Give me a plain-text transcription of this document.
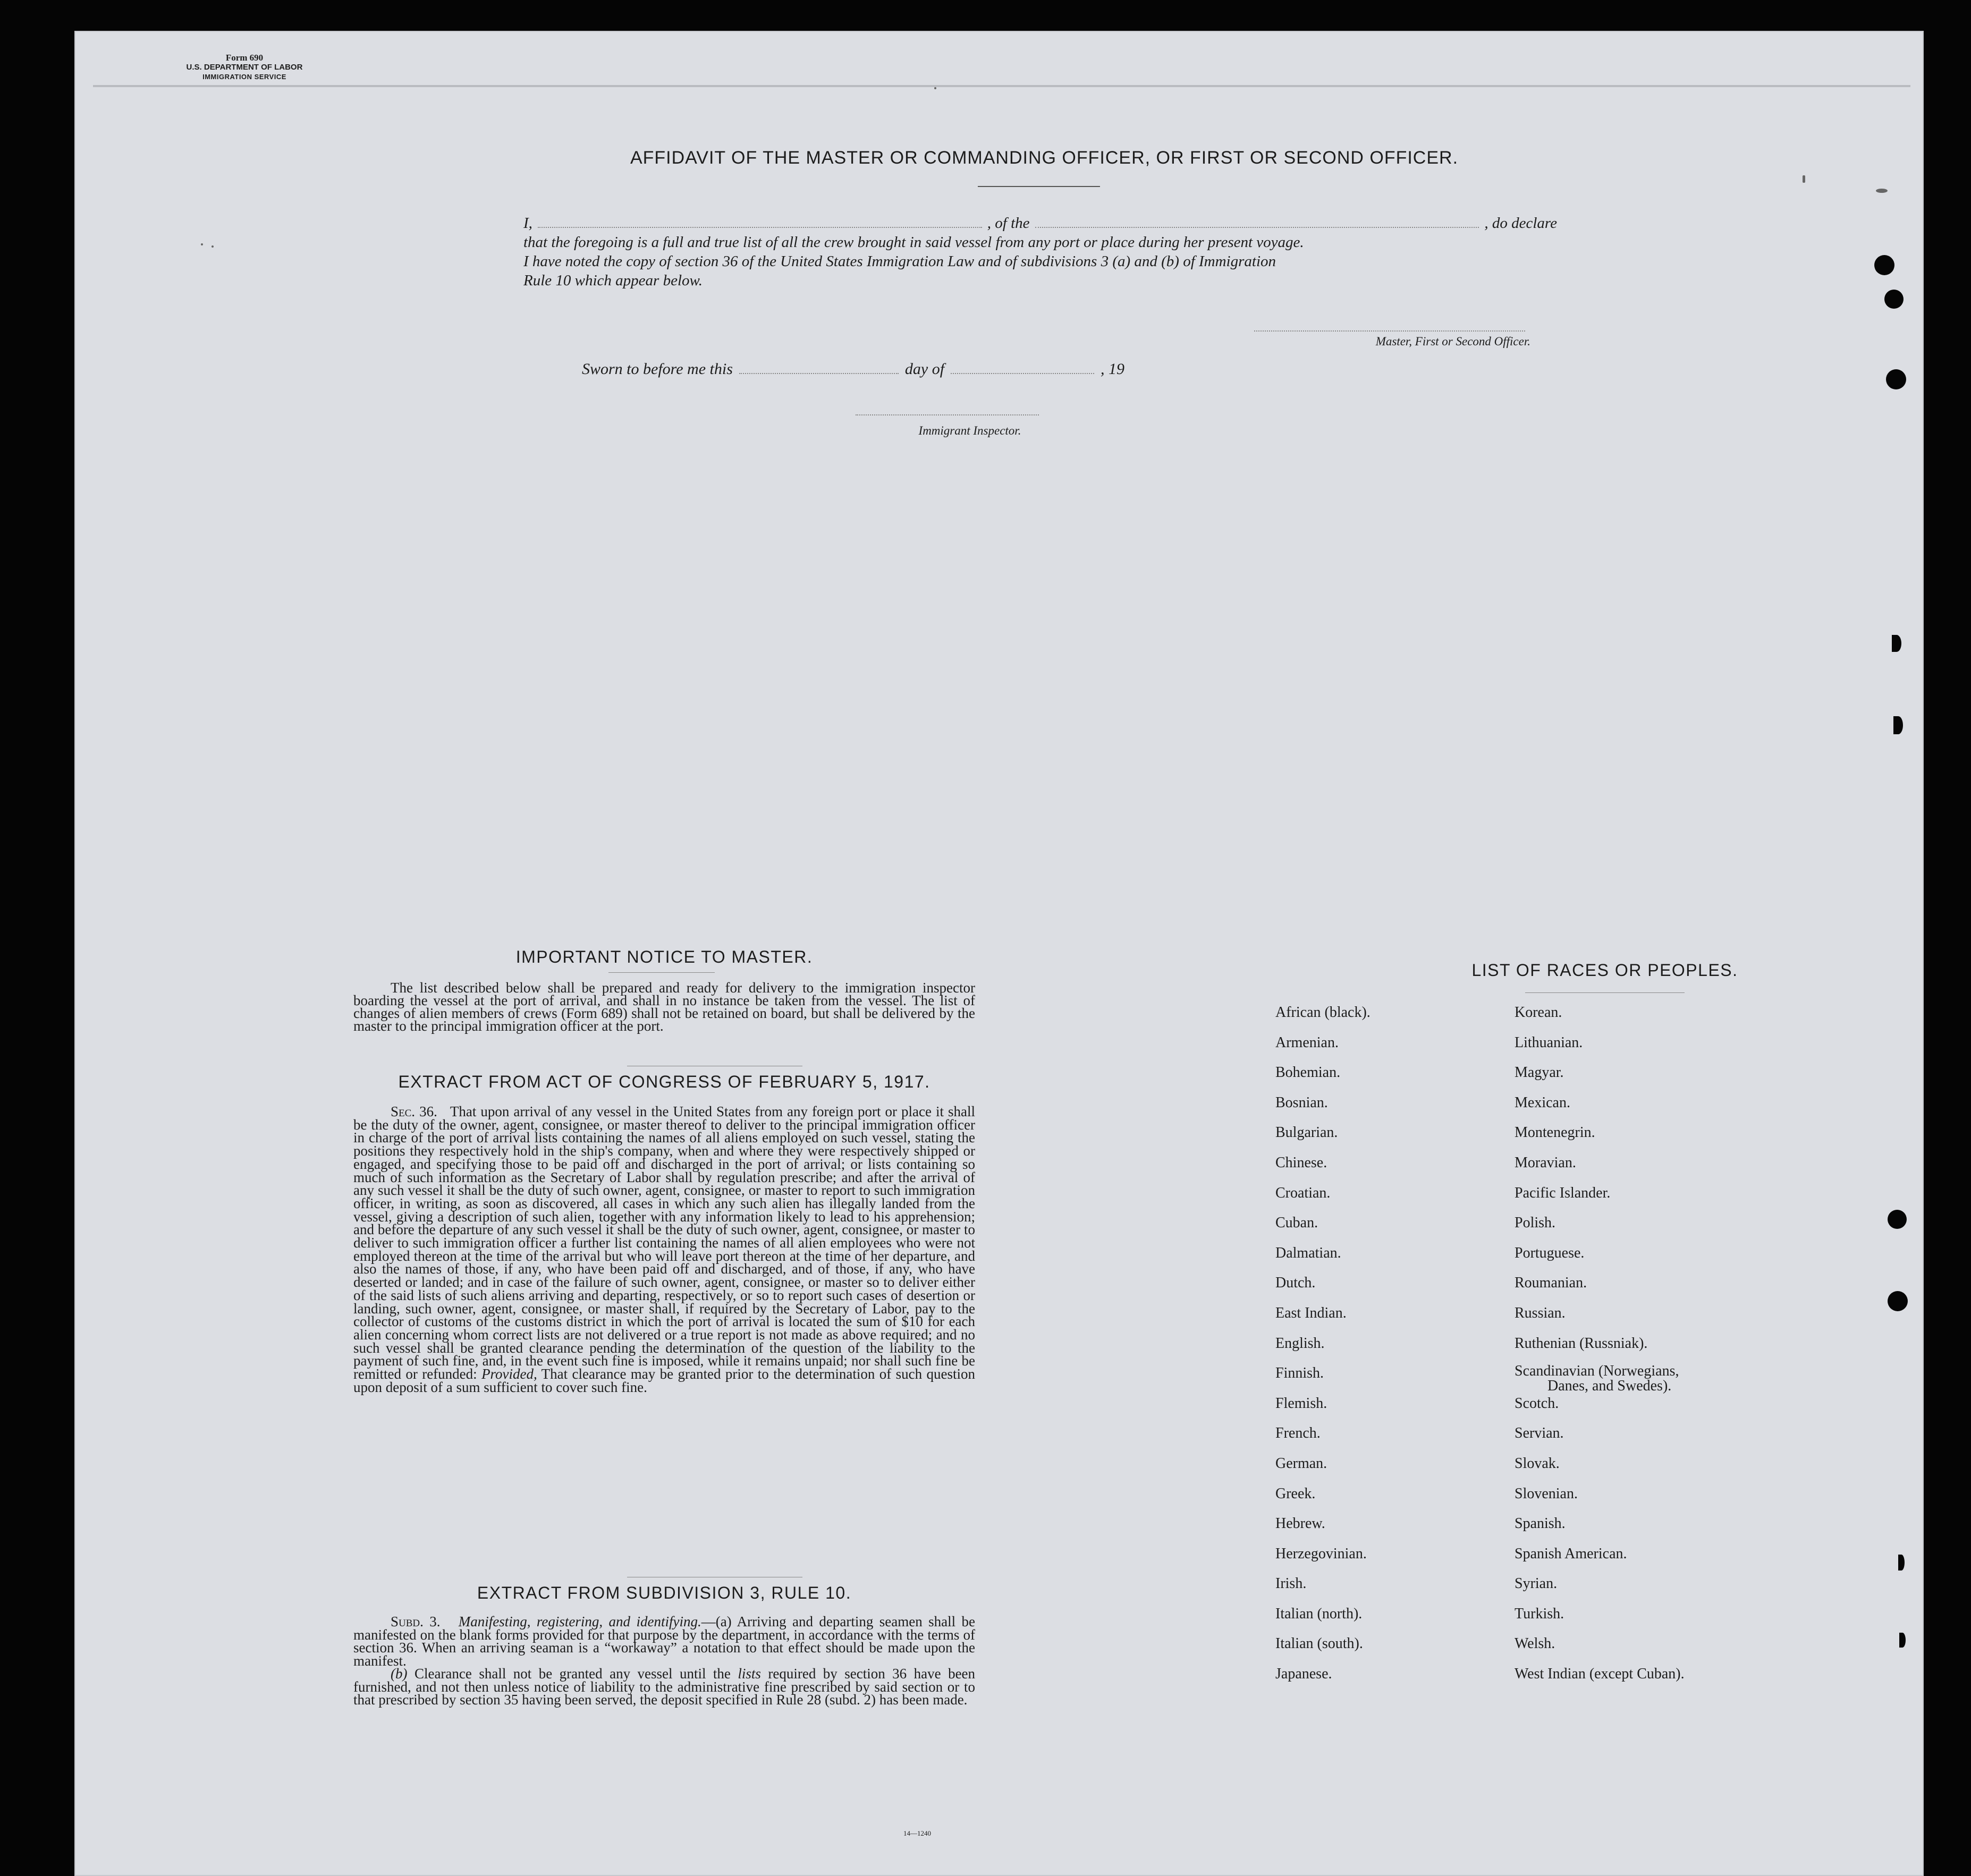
Form 690
U.S. DEPARTMENT OF LABOR
IMMIGRATION SERVICE
AFFIDAVIT OF THE MASTER OR COMMANDING OFFICER, OR FIRST OR SECOND OFFICER.
I,	, of the	, do declare
that the foregoing is a full and true list of all the crew brought in said vessel from any port or place during her present voyage.
I have noted the copy of section 36 of the United States Immigration Law and of subdivisions 3 (a) and (b) of Immigration
Rule 10 which appear below.
Master, First or Second Officer.
Sworn to before me this	day of	, 19
Immigrant Inspector.
IMPORTANT NOTICE TO MASTER.
The list described below shall be prepared and ready for delivery to the immigration inspector boarding the vessel at the port of arrival, and shall in no instance be taken from the vessel. The list of changes of alien members of crews (Form 689) shall not be retained on board, but shall be delivered by the master to the principal immigration officer at the port.
EXTRACT FROM ACT OF CONGRESS OF FEBRUARY 5, 1917.
Sec. 36. That upon arrival of any vessel in the United States from any foreign port or place it shall be the duty of the owner, agent, consignee, or master thereof to deliver to the principal immigration officer in charge of the port of arrival lists containing the names of all aliens employed on such vessel, stating the positions they respectively hold in the ship's company, when and where they were respectively shipped or engaged, and specifying those to be paid off and discharged in the port of arrival; or lists containing so much of such information as the Secretary of Labor shall by regulation prescribe; and after the arrival of any such vessel it shall be the duty of such owner, agent, consignee, or master to report to such immigration officer, in writing, as soon as discovered, all cases in which any such alien has illegally landed from the vessel, giving a description of such alien, together with any information likely to lead to his apprehension; and before the departure of any such vessel it shall be the duty of such owner, agent, consignee, or master to deliver to such immigration officer a further list containing the names of all alien employees who were not employed thereon at the time of the arrival but who will leave port thereon at the time of her departure, and also the names of those, if any, who have been paid off and discharged, and of those, if any, who have deserted or landed; and in case of the failure of such owner, agent, consignee, or master so to deliver either of the said lists of such aliens arriving and departing, respectively, or so to report such cases of desertion or landing, such owner, agent, consignee, or master shall, if required by the Secretary of Labor, pay to the collector of customs of the customs district in which the port of arrival is located the sum of $10 for each alien concerning whom correct lists are not delivered or a true report is not made as above required; and no such vessel shall be granted clearance pending the determination of the question of the liability to the payment of such fine, and, in the event such fine is imposed, while it remains unpaid; nor shall such fine be remitted or refunded: Provided, That clearance may be granted prior to the determination of such question upon deposit of a sum sufficient to cover such fine.
EXTRACT FROM SUBDIVISION 3, RULE 10.

Subd. 3. Manifesting, registering, and identifying.—(a) Arriving and departing seamen shall be manifested on the blank forms provided for that purpose by the department, in accordance with the terms of section 36. When an arriving seaman is a “workaway” a notation to that effect should be made upon the manifest.

(b) Clearance shall not be granted any vessel until the lists required by section 36 have been furnished, and not then unless notice of liability to the administrative fine prescribed by said section or to that prescribed by section 35 having been served, the deposit specified in Rule 28 (subd. 2) has been made.

14—1240
LIST OF RACES OR PEOPLES.
African (black).	Korean.
Armenian.	Lithuanian.
Bohemian.	Magyar.
Bosnian.	Mexican.
Bulgarian.	Montenegrin.
Chinese.	Moravian.
Croatian.	Pacific Islander.
Cuban.	Polish.
Dalmatian.	Portuguese.
Dutch.	Roumanian.
East Indian.	Russian.
English.	Ruthenian (Russniak).
Finnish.	Scandinavian (Norwegians,
Danes, and Swedes).
Flemish.	Scotch.
French.	Servian.
German.	Slovak.
Greek.	Slovenian.
Hebrew.	Spanish.
Herzegovinian.	Spanish American.
Irish.	Syrian.
Italian (north).	Turkish.
Italian (south).	Welsh.
Japanese.	West Indian (except Cuban).
